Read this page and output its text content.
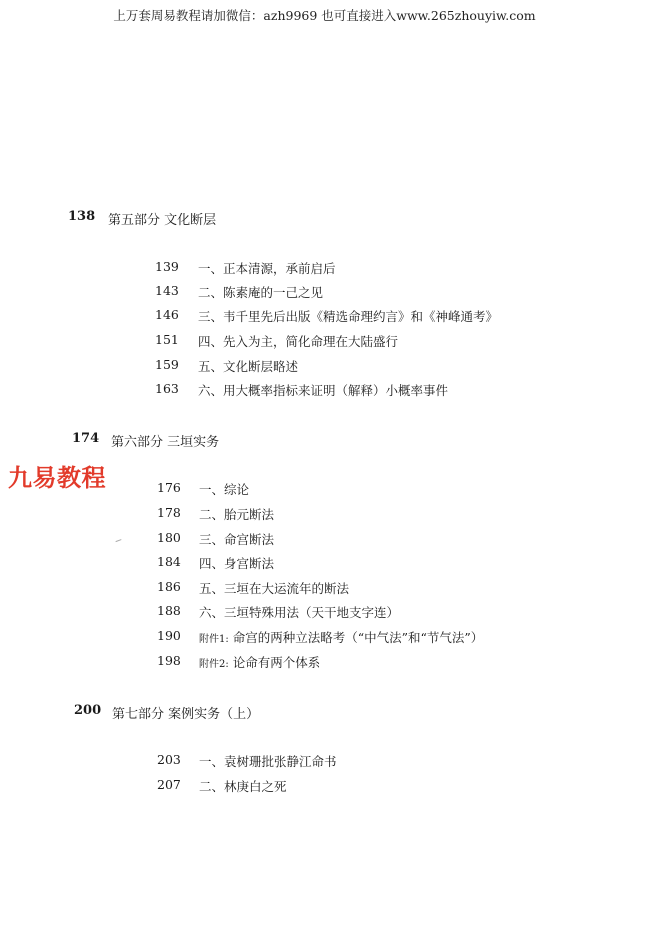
上万套周易教程请加微信：azh9969 也可直接进入www.265zhouyiw.com
九易教程
138 第五部分 文化断层
139 一、正本清源，承前启后
143 二、陈素庵的一己之见
146 三、韦千里先后出版《精选命理约言》和《神峰通考》
151 四、先入为主，简化命理在大陆盛行
159 五、文化断层略述
163 六、用大概率指标来证明（解释）小概率事件
174 第六部分 三垣实务
176 一、综论
178 二、胎元断法
180 三、命宫断法
184 四、身宫断法
186 五、三垣在大运流年的断法
188 六、三垣特殊用法（天干地支字连）
190 附件1: 命宫的两种立法略考（“中气法”和“节气法”）
198 附件2: 论命有两个体系
200 第七部分 案例实务（上）
203 一、袁树珊批张静江命书
207 二、林庚白之死
